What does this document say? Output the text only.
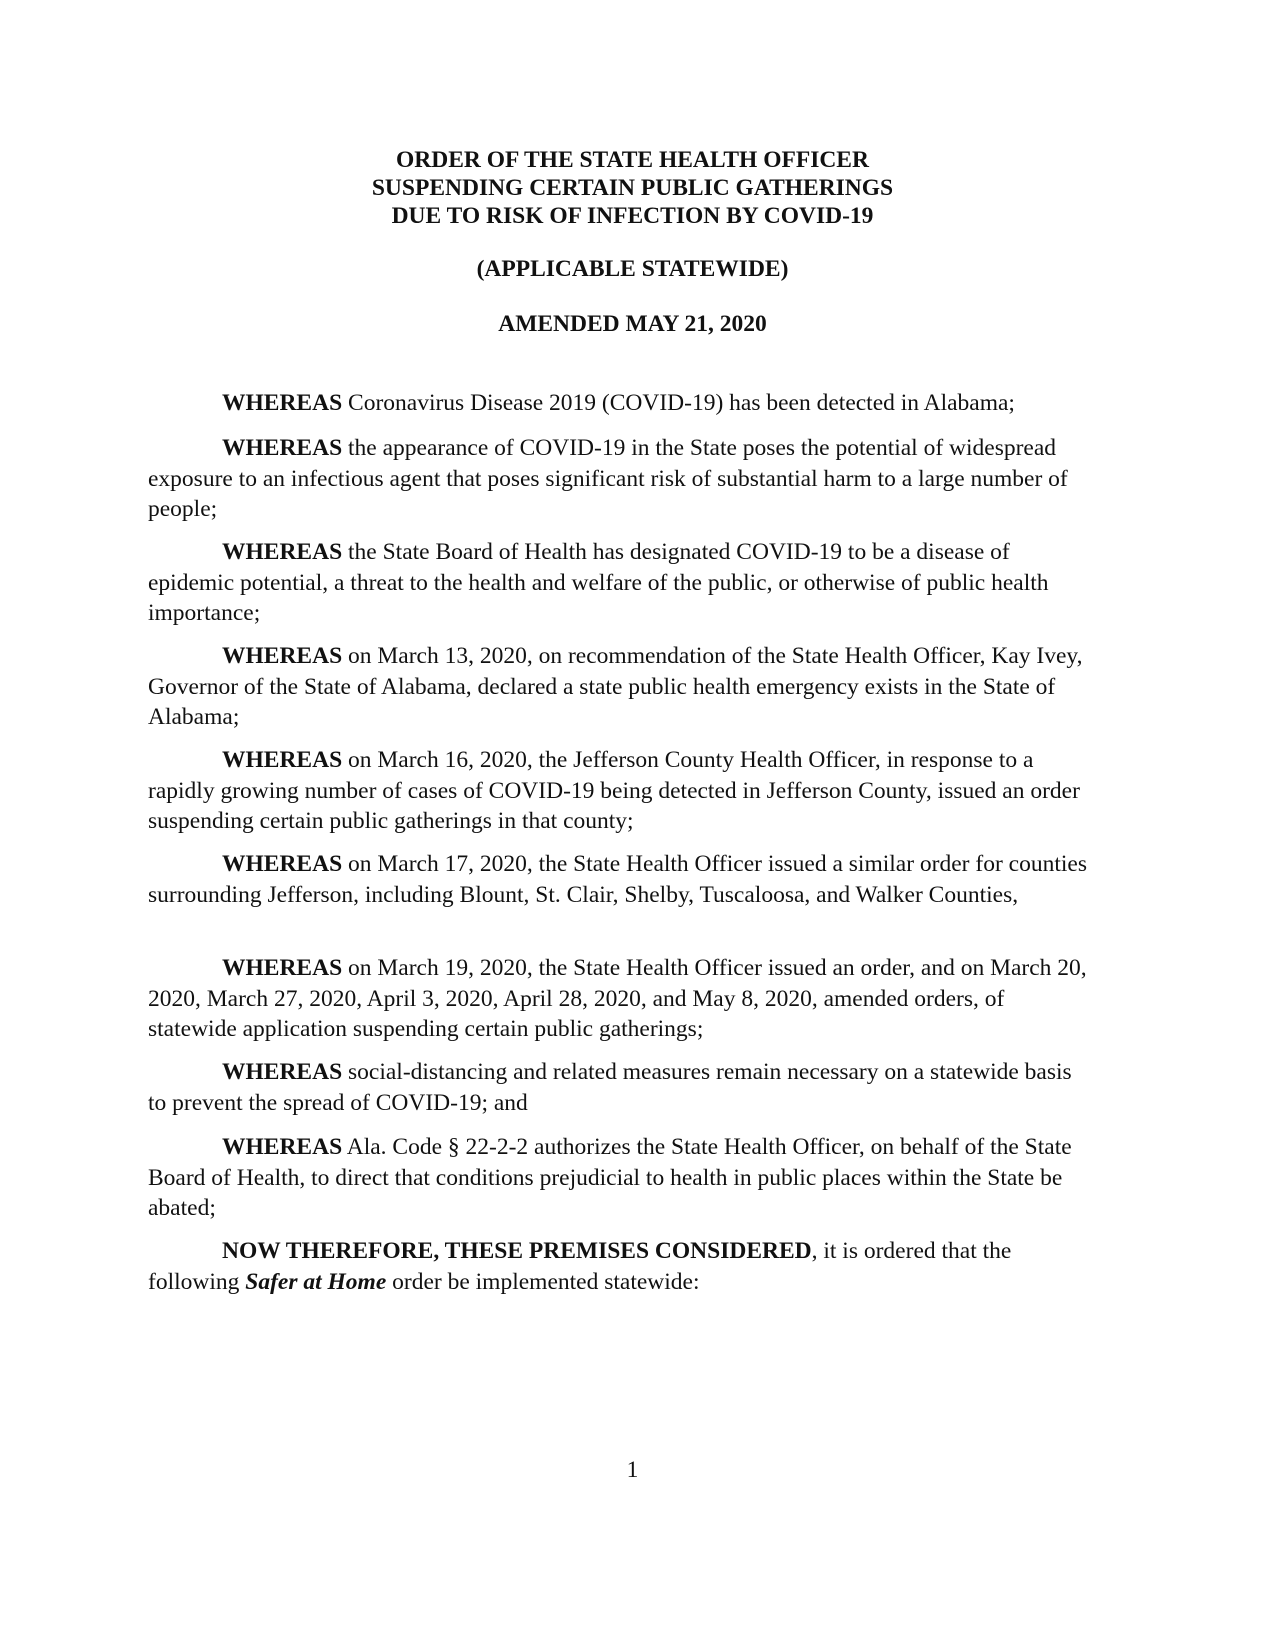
ORDER OF THE STATE HEALTH OFFICER
SUSPENDING CERTAIN PUBLIC GATHERINGS
DUE TO RISK OF INFECTION BY COVID-19
(APPLICABLE STATEWIDE)
AMENDED MAY 21, 2020

WHEREAS Coronavirus Disease 2019 (COVID-19) has been detected in Alabama;

WHEREAS the appearance of COVID-19 in the State poses the potential of widespread exposure to an infectious agent that poses significant risk of substantial harm to a large number of people;

WHEREAS the State Board of Health has designated COVID-19 to be a disease of epidemic potential, a threat to the health and welfare of the public, or otherwise of public health importance;

WHEREAS on March 13, 2020, on recommendation of the State Health Officer, Kay Ivey, Governor of the State of Alabama, declared a state public health emergency exists in the State of Alabama;

WHEREAS on March 16, 2020, the Jefferson County Health Officer, in response to a rapidly growing number of cases of COVID-19 being detected in Jefferson County, issued an order suspending certain public gatherings in that county;

WHEREAS on March 17, 2020, the State Health Officer issued a similar order for counties surrounding Jefferson, including Blount, St. Clair, Shelby, Tuscaloosa, and Walker Counties,

WHEREAS on March 19, 2020, the State Health Officer issued an order, and on March 20, 2020, March 27, 2020, April 3, 2020, April 28, 2020, and May 8, 2020, amended orders, of statewide application suspending certain public gatherings;

WHEREAS social-distancing and related measures remain necessary on a statewide basis to prevent the spread of COVID-19; and

WHEREAS Ala. Code § 22-2-2 authorizes the State Health Officer, on behalf of the State Board of Health, to direct that conditions prejudicial to health in public places within the State be abated;

NOW THEREFORE, THESE PREMISES CONSIDERED, it is ordered that the following Safer at Home order be implemented statewide:

1
